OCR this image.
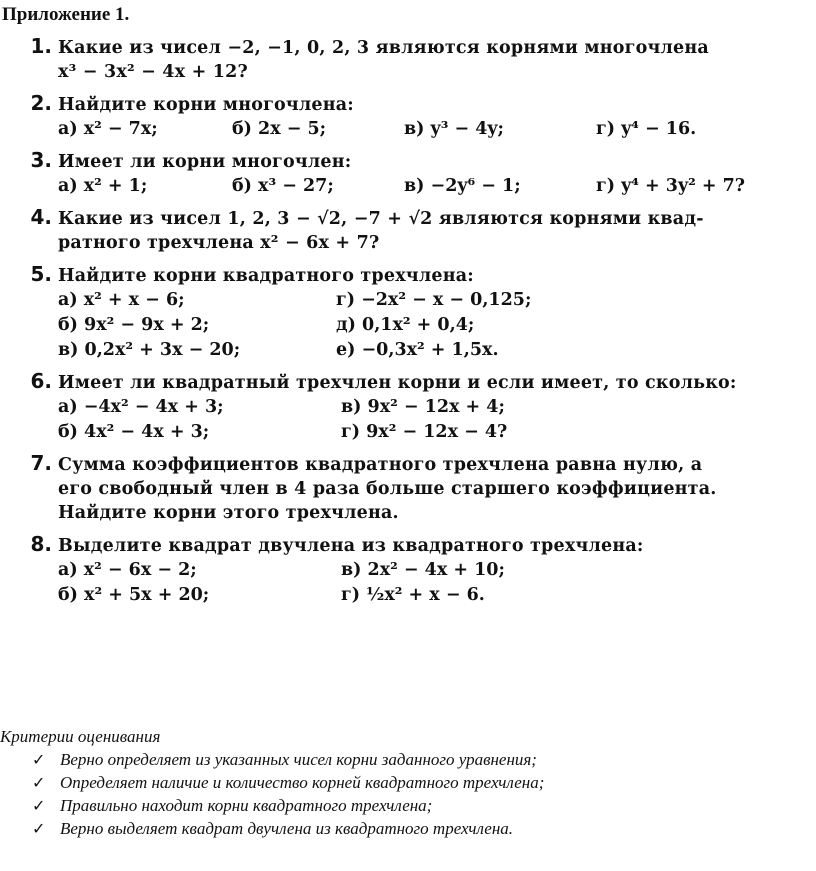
Приложение 1.
1. Какие из чисел −2, −1, 0, 2, 3 являются корнями многочлена
x³ − 3x² − 4x + 12?
2. Найдите корни многочлена:
а) x² − 7x;	б) 2x − 5;	в) y³ − 4y;	г) y⁴ − 16.
3. Имеет ли корни многочлен:
а) x² + 1;	б) x³ − 27;	в) −2y⁶ − 1;	г) y⁴ + 3y² + 7?
4. Какие из чисел 1, 2, 3 − √2, −7 + √2 являются корнями квад-
ратного трехчлена x² − 6x + 7?
5. Найдите корни квадратного трехчлена:
а) x² + x − 6;	г) −2x² − x − 0,125;
б) 9x² − 9x + 2;	д) 0,1x² + 0,4;
в) 0,2x² + 3x − 20;	е) −0,3x² + 1,5x.
6. Имеет ли квадратный трехчлен корни и если имеет, то сколько:
а) −4x² − 4x + 3;	в) 9x² − 12x + 4;
б) 4x² − 4x + 3;	г) 9x² − 12x − 4?
7. Сумма коэффициентов квадратного трехчлена равна нулю, а
его свободный член в 4 раза больше старшего коэффициента.
Найдите корни этого трехчлена.
8. Выделите квадрат двучлена из квадратного трехчлена:
а) x² − 6x − 2;	в) 2x² − 4x + 10;
б) x² + 5x + 20;	г) ½x² + x − 6.
Критерии оценивания
✓ Верно определяет из указанных чисел корни заданного уравнения;
✓ Определяет наличие и количество корней квадратного трехчлена;
✓ Правильно находит корни квадратного трехчлена;
✓ Верно выделяет квадрат двучлена из квадратного трехчлена.
